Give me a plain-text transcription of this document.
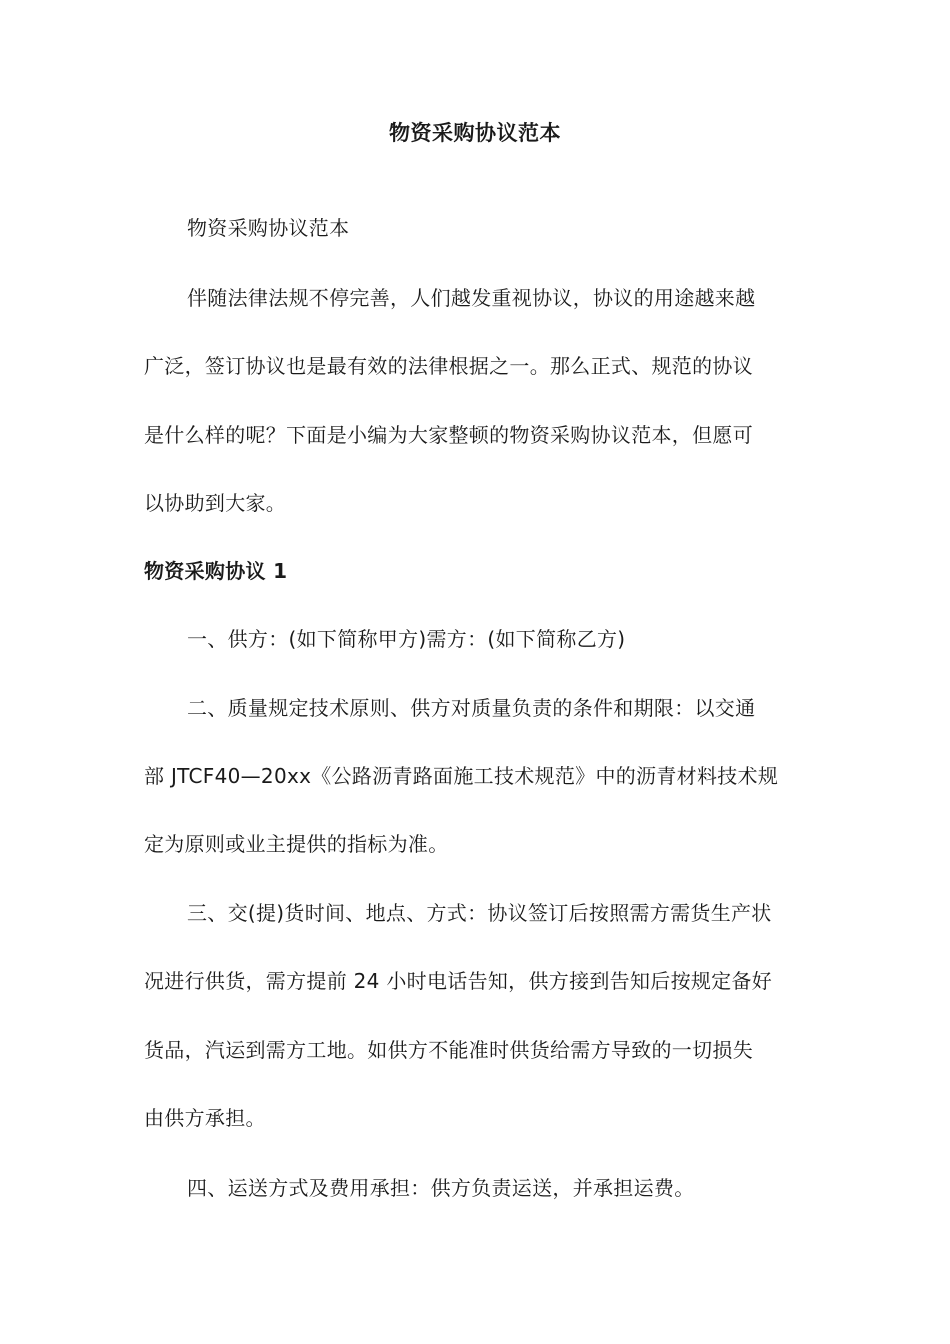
物资采购协议范本
物资采购协议范本
伴随法律法规不停完善，人们越发重视协议，协议的用途越来越
广泛，签订协议也是最有效的法律根据之一。那么正式、规范的协议
是什么样的呢？下面是小编为大家整顿的物资采购协议范本，但愿可
以协助到大家。
物资采购协议 1
一、供方：(如下简称甲方)需方：(如下简称乙方)
二、质量规定技术原则、供方对质量负责的条件和期限：以交通
部 JTCF40—20xx《公路沥青路面施工技术规范》中的沥青材料技术规
定为原则或业主提供的指标为准。
三、交(提)货时间、地点、方式：协议签订后按照需方需货生产状
况进行供货，需方提前 24 小时电话告知，供方接到告知后按规定备好
货品，汽运到需方工地。如供方不能准时供货给需方导致的一切损失
由供方承担。
四、运送方式及费用承担：供方负责运送，并承担运费。
